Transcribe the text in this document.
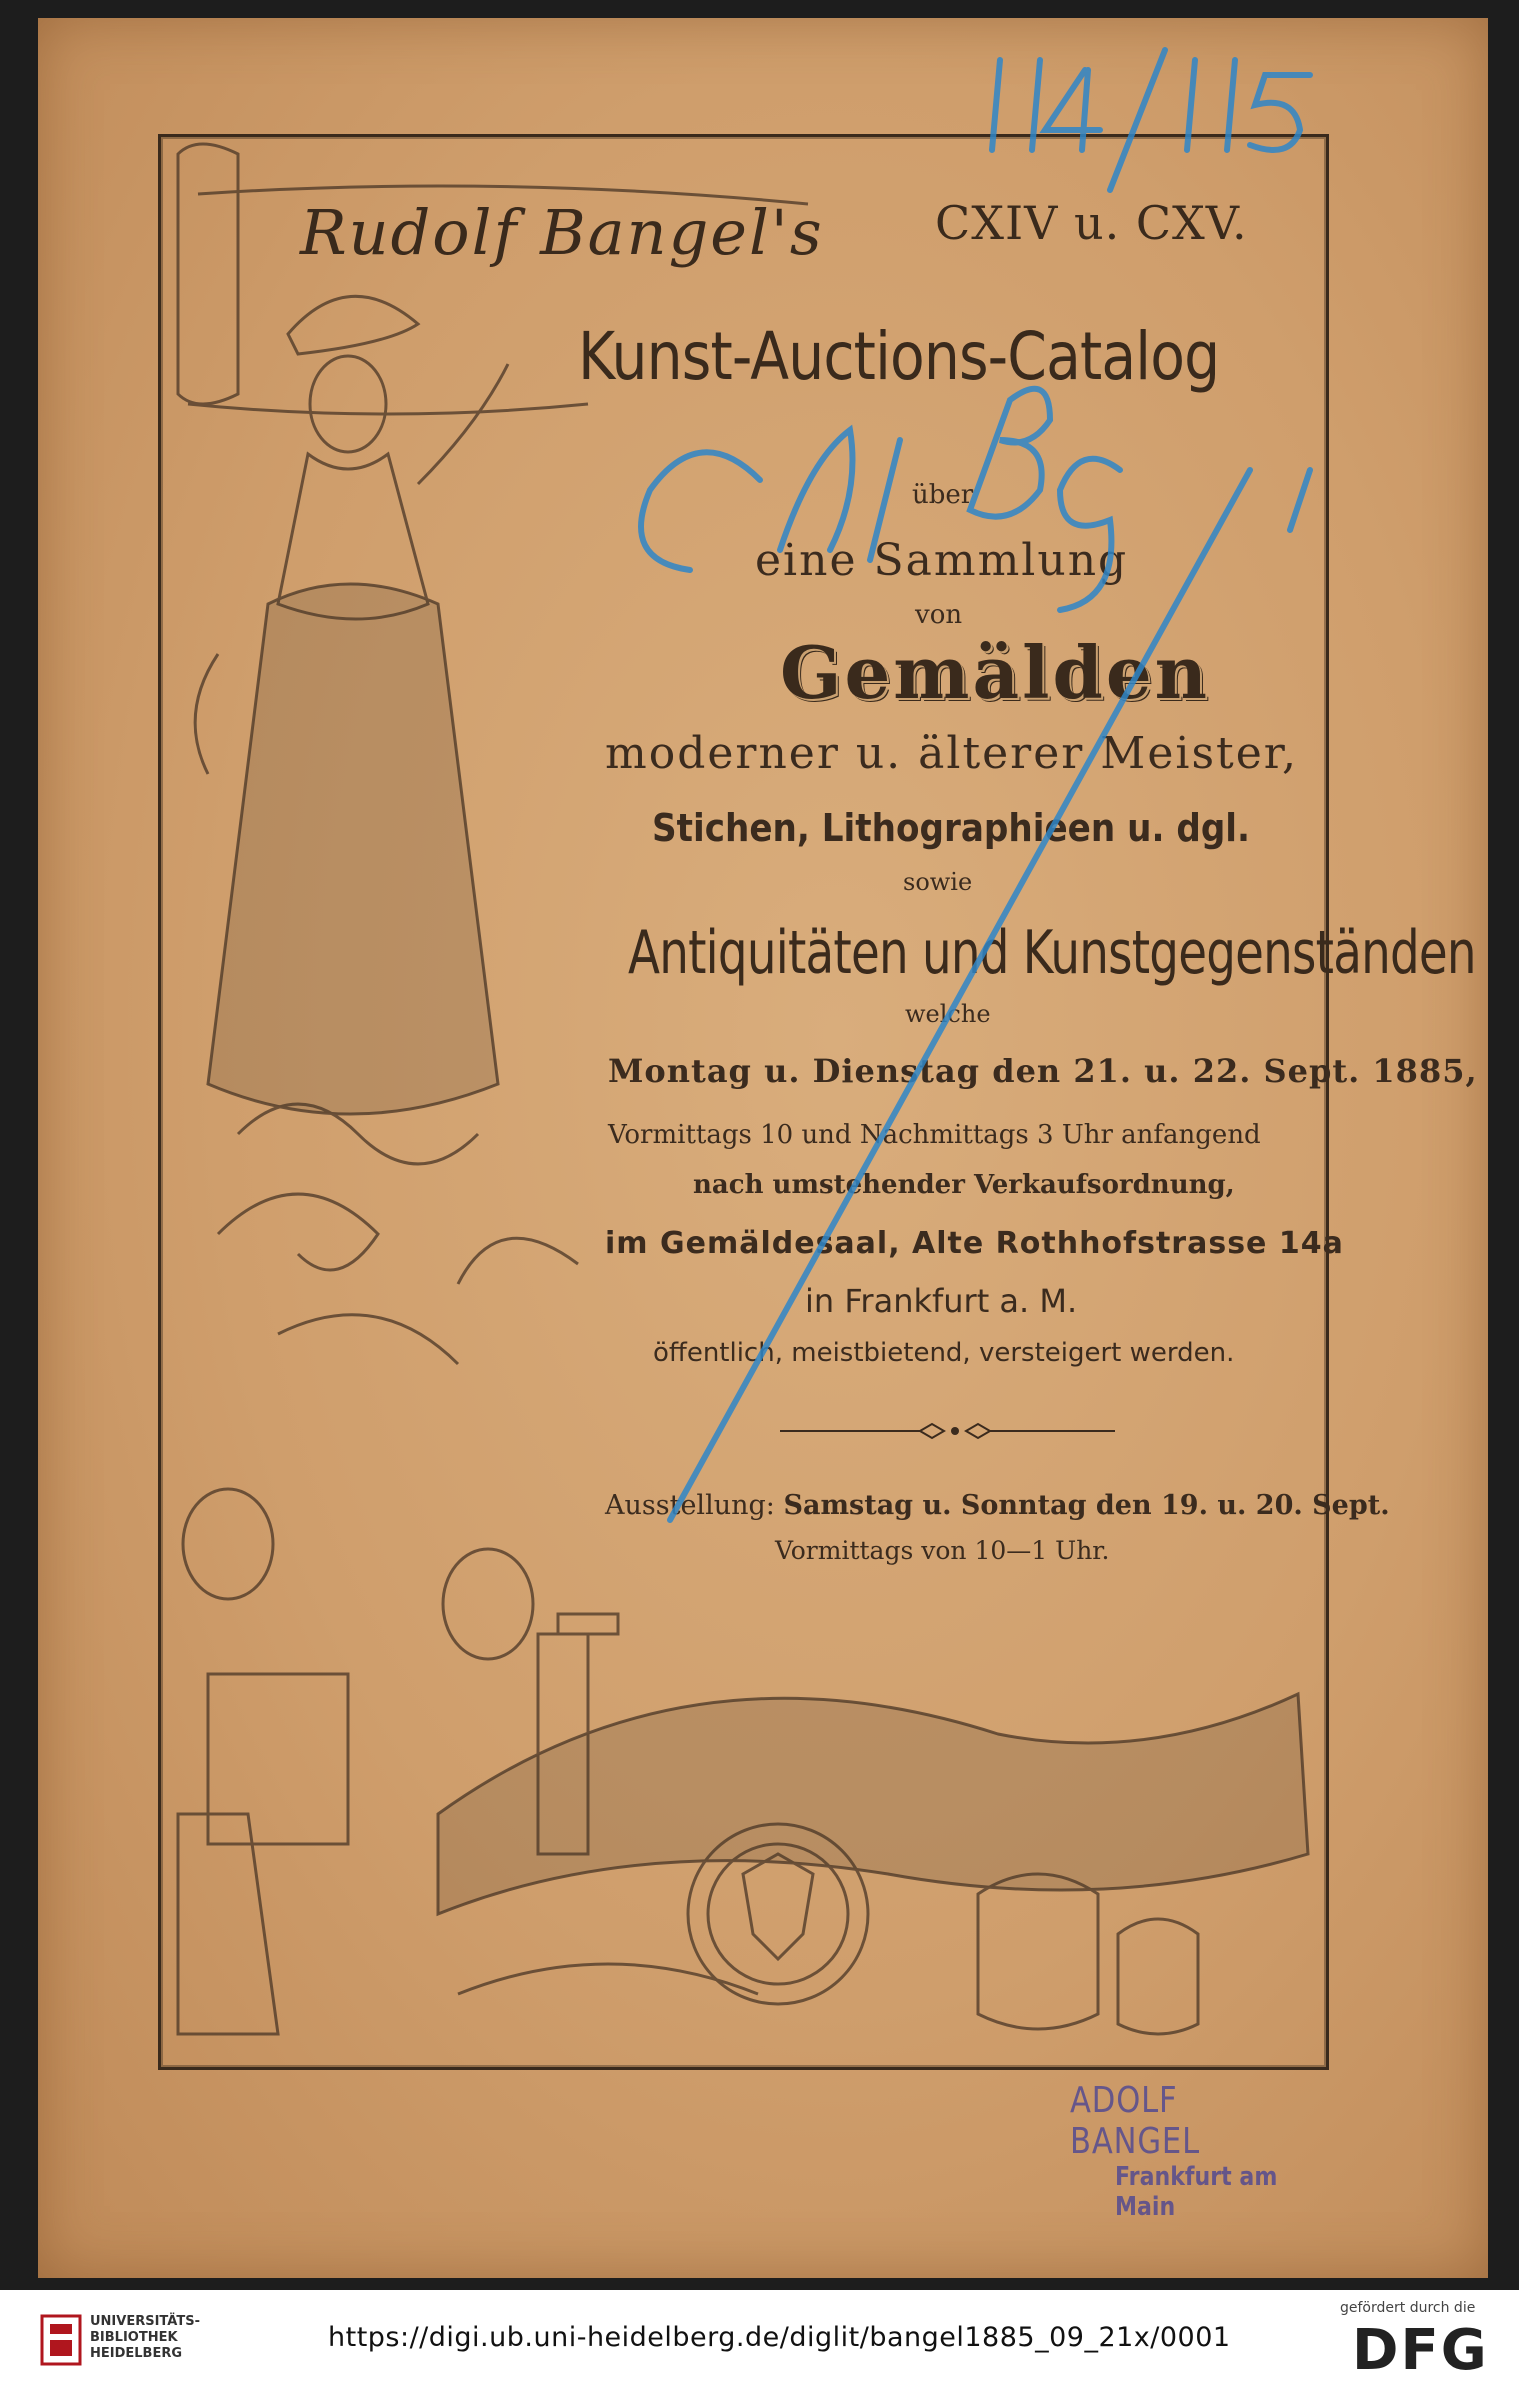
Rudolf Bangel's	CXIV u. CXV.
Kunst-Auctions-Catalog
über
eine Sammlung
von
Gemälden
moderner u. älterer Meister,
Stichen, Lithographieen u. dgl.
sowie
Antiquitäten und Kunstgegenständen
welche
Montag u. Dienstag den 21. u. 22. Sept. 1885,
Vormittags 10 und Nachmittags 3 Uhr anfangend
nach umstehender Verkaufsordnung,
im Gemäldesaal, Alte Rothhofstrasse 14a
in Frankfurt a. M.
öffentlich, meistbietend, versteigert werden.
Ausstellung: Samstag u. Sonntag den 19. u. 20. Sept.
Vormittags von 10—1 Uhr.
ADOLF BANGEL
Frankfurt am Main
UNIVERSITÄTS-
BIBLIOTHEK
HEIDELBERG
https://digi.ub.uni-heidelberg.de/diglit/bangel1885_09_21x/0001
gefördert durch die
DFG
